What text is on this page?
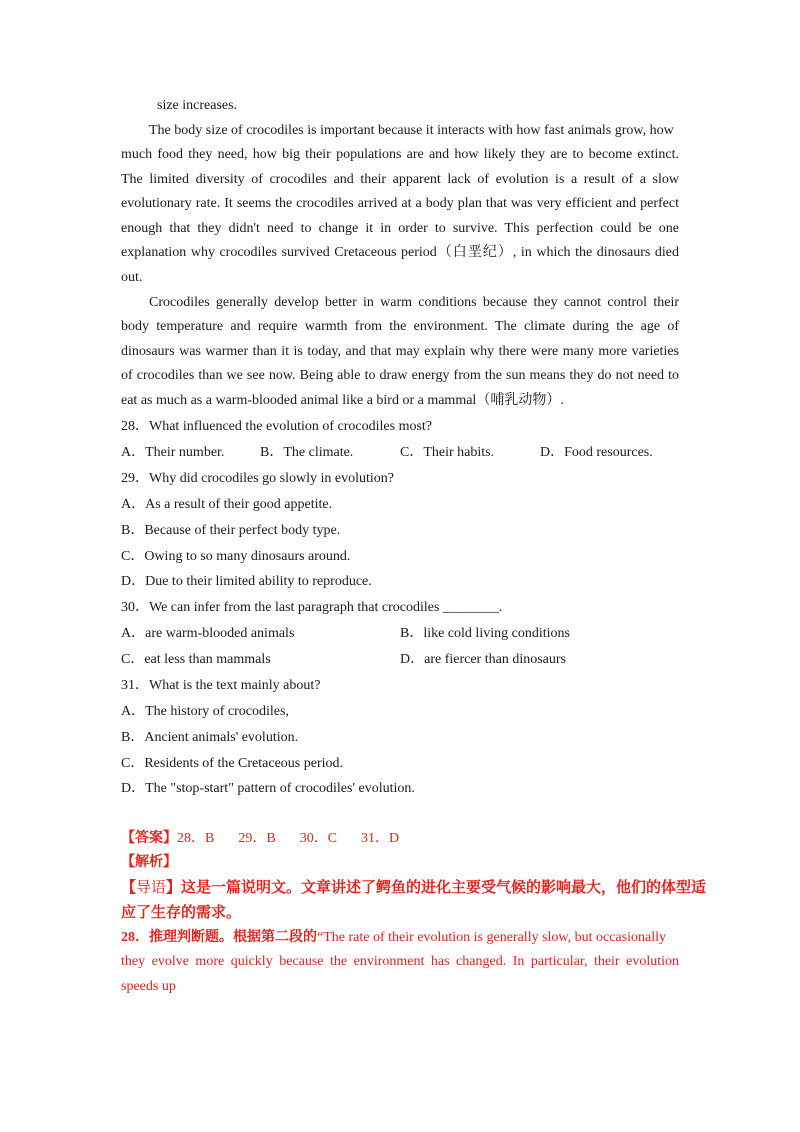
size increases.
The body size of crocodiles is important because it interacts with how fast animals grow, how
much food they need, how big their populations are and how likely they are to become extinct.
The limited diversity of crocodiles and their apparent lack of evolution is a result of a slow
evolutionary rate. It seems the crocodiles arrived at a body plan that was very efficient and perfect
enough that they didn't need to change it in order to survive. This perfection could be one
explanation why crocodiles survived Cretaceous period（白垩纪）, in which the dinosaurs died
out.
Crocodiles generally develop better in warm conditions because they cannot control their
body temperature and require warmth from the environment. The climate during the age of
dinosaurs was warmer than it is today, and that may explain why there were many more varieties
of crocodiles than we see now. Being able to draw energy from the sun means they do not need to
eat as much as a warm-blooded animal like a bird or a mammal（哺乳动物）.
28．What influenced the evolution of crocodiles most?
A．Their number.	B．The climate.	C．Their habits.	D．Food resources.
29．Why did crocodiles go slowly in evolution?
A．As a result of their good appetite.
B．Because of their perfect body type.
C．Owing to so many dinosaurs around.
D．Due to their limited ability to reproduce.
30．We can infer from the last paragraph that crocodiles ________.
A．are warm-blooded animals	B．like cold living conditions
C．eat less than mammals	D．are fiercer than dinosaurs
31．What is the text mainly about?
A．The history of crocodiles,
B．Ancient animals' evolution.
C．Residents of the Cretaceous period.
D．The "stop-start" pattern of crocodiles' evolution.
【答案】28．B 29．B 30．C 31．D
【解析】
【导语】这是一篇说明文。文章讲述了鳄鱼的进化主要受气候的影响最大，他们的体型适
应了生存的需求。
28．推理判断题。根据第二段的“The rate of their evolution is generally slow, but occasionally
they evolve more quickly because the environment has changed. In particular, their evolution
speeds up
